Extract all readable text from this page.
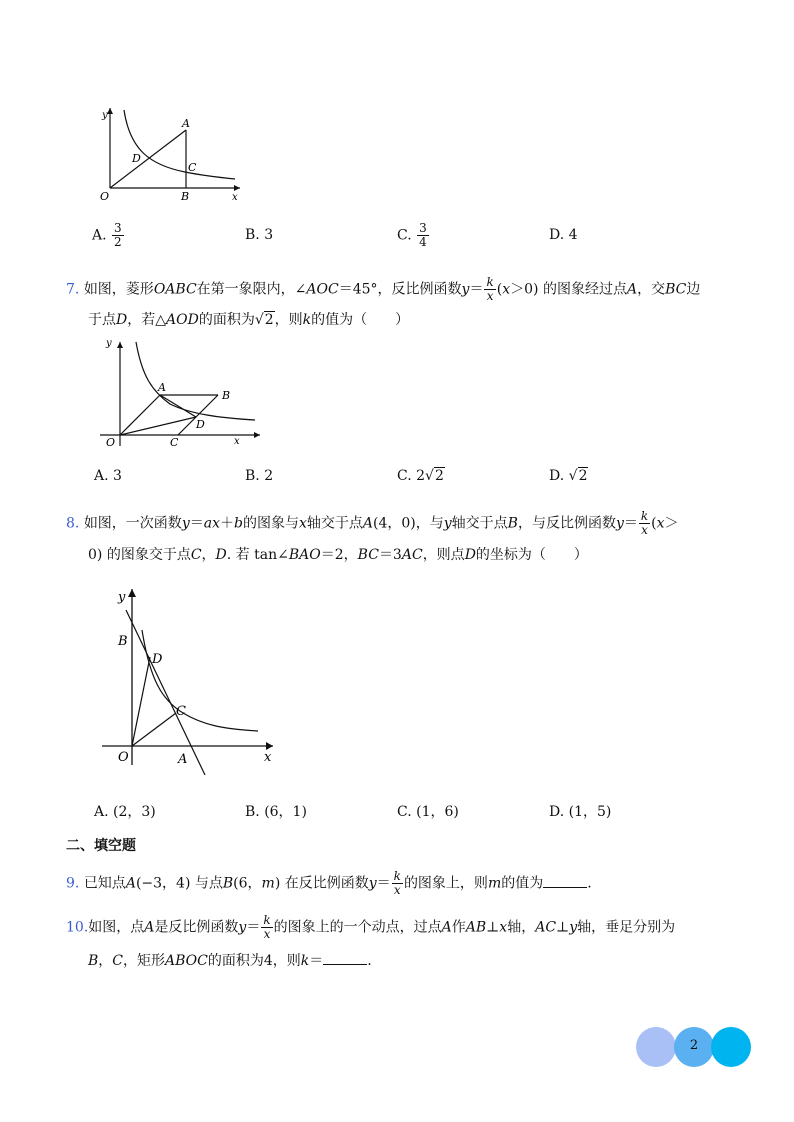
y
x
O
A
B
C
D
A. $\frac{3}{2}$	B. 3	C. $\frac{3}{4}$	D. 4
7. 如图，菱形OABC在第一象限内，∠AOC＝45°，反比例函数$y= \frac{k}{x} (x>0)$ 的图象经过点A，交BC边
于点D，若△AOD的面积为√2，则k的值为（　　）
y
x
O
A
B
C
D
A. 3	B. 2	C. 2√2	D. √2
8. 如图，一次函数y＝ax＋b的图象与x轴交于点A(4，0)，与y轴交于点B，与反比例函数$y= \frac{k}{x} (x>$
0) 的图象交于点C，D. 若 tan∠BAO＝2，BC＝3AC，则点D的坐标为（　　）
y
x
O	A
B
C
D
A. (2，3)	B. (6，1)	C. (1，6)	D. (1，5)
二、填空题
9. 已知点A(−3，4) 与点B(6，m) 在反比例函数$y= \frac{k}{x}$ 的图象上，则m的值为	.
10.如图，点A是反比例函数$y= \frac{k}{x}$ 的图象上的一个动点，过点A作AB⊥x轴，AC⊥y轴，垂足分别为
B，C，矩形ABOC的面积为4，则k＝	.
2
